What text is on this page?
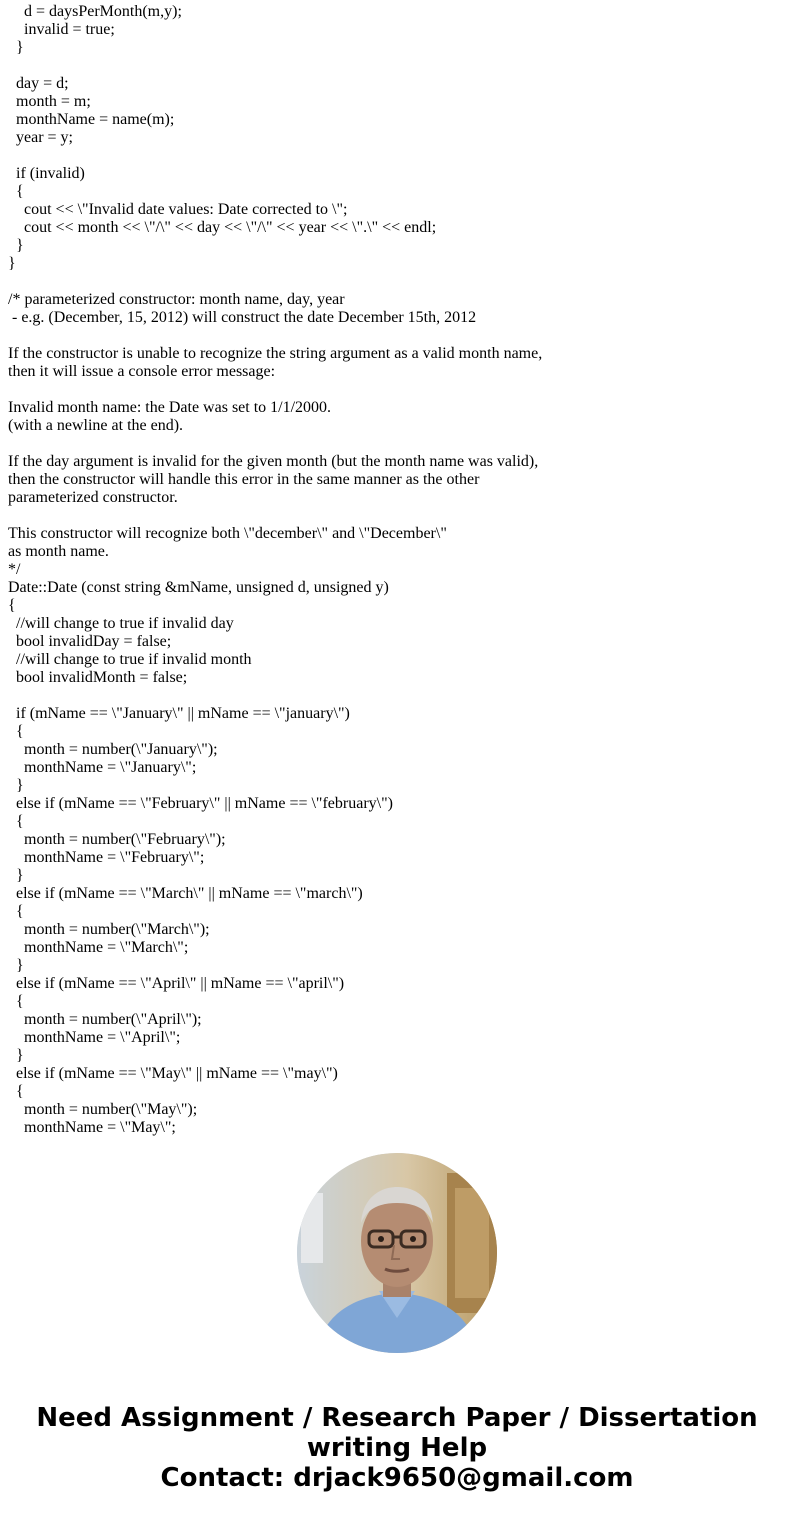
d = daysPerMonth(m,y);
invalid = true;
}
day = d;
month = m;
monthName = name(m);
year = y;
if (invalid)
{
cout << \"Invalid date values: Date corrected to \";
cout << month << \"/\" << day << \"/\" << year << \".\" << endl;
}
}
/* parameterized constructor: month name, day, year
- e.g. (December, 15, 2012) will construct the date December 15th, 2012
If the constructor is unable to recognize the string argument as a valid month name,
then it will issue a console error message:
Invalid month name: the Date was set to 1/1/2000.
(with a newline at the end).
If the day argument is invalid for the given month (but the month name was valid),
then the constructor will handle this error in the same manner as the other
parameterized constructor.
This constructor will recognize both \"december\" and \"December\"
as month name.
*/
Date::Date (const string &mName, unsigned d, unsigned y)
{
//will change to true if invalid day
bool invalidDay = false;
//will change to true if invalid month
bool invalidMonth = false;
if (mName == \"January\" || mName == \"january\")
{
month = number(\"January\");
monthName = \"January\";
}
else if (mName == \"February\" || mName == \"february\")
{
month = number(\"February\");
monthName = \"February\";
}
else if (mName == \"March\" || mName == \"march\")
{
month = number(\"March\");
monthName = \"March\";
}
else if (mName == \"April\" || mName == \"april\")
{
month = number(\"April\");
monthName = \"April\";
}
else if (mName == \"May\" || mName == \"may\")
{
month = number(\"May\");
monthName = \"May\";
Need Assignment / Research Paper / Dissertation
writing Help
Contact: drjack9650@gmail.com
